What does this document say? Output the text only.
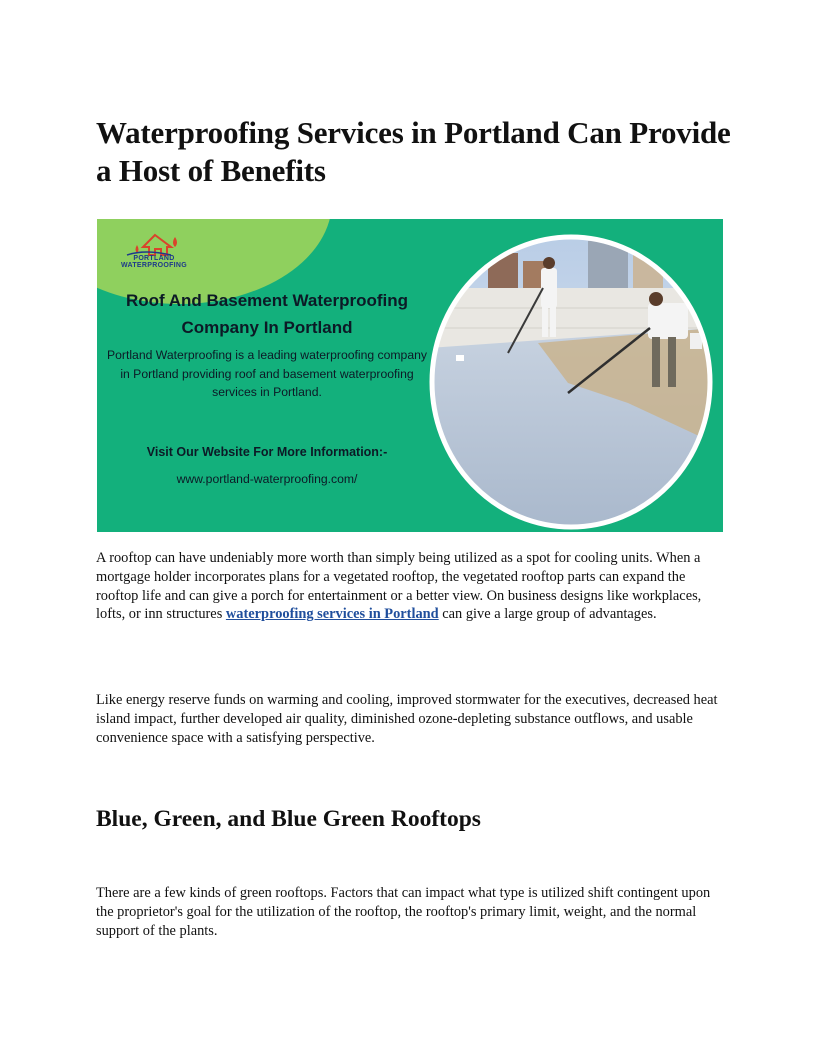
Waterproofing Services in Portland Can Provide a Host of Benefits
PORTLAND
WATERPROOFING

Roof And Basement Waterproofing Company In Portland

Portland Waterproofing is a leading waterproofing company in Portland providing roof and basement waterproofing services in Portland.

Visit Our Website For More Information:-

www.portland-waterproofing.com/

A rooftop can have undeniably more worth than simply being utilized as a spot for cooling units. When a mortgage holder incorporates plans for a vegetated rooftop, the vegetated rooftop parts can expand the rooftop life and can give a porch for entertainment or a better view. On business designs like workplaces, lofts, or inn structures waterproofing services in Portland can give a large group of advantages.

Like energy reserve funds on warming and cooling, improved stormwater for the executives, decreased heat island impact, further developed air quality, diminished ozone-depleting substance outflows, and usable convenience space with a satisfying perspective.

Blue, Green, and Blue Green Rooftops

There are a few kinds of green rooftops. Factors that can impact what type is utilized shift contingent upon the proprietor's goal for the utilization of the rooftop, the rooftop's primary limit, weight, and the normal support of the plants.
